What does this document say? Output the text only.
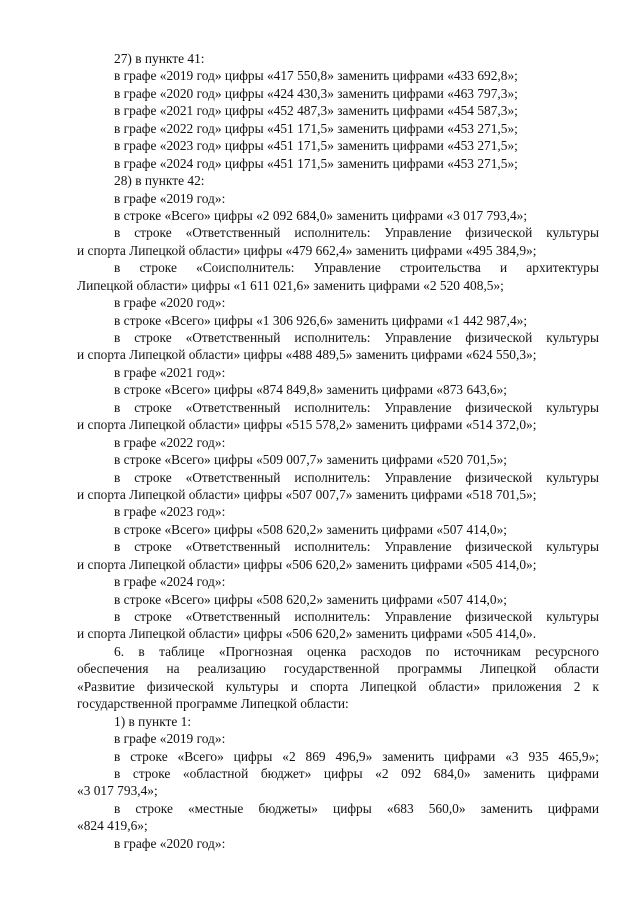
27) в пункте 41:
в графе «2019 год» цифры «417 550,8» заменить цифрами «433 692,8»;
в графе «2020 год» цифры «424 430,3» заменить цифрами «463 797,3»;
в графе «2021 год» цифры «452 487,3» заменить цифрами «454 587,3»;
в графе «2022 год» цифры «451 171,5» заменить цифрами «453 271,5»;
в графе «2023 год» цифры «451 171,5» заменить цифрами «453 271,5»;
в графе «2024 год» цифры «451 171,5» заменить цифрами «453 271,5»;
28) в пункте 42:
в графе «2019 год»:
в строке «Всего» цифры «2 092 684,0» заменить цифрами «3 017 793,4»;
в строке «Ответственный исполнитель: Управление физической культуры
и спорта Липецкой области» цифры «479 662,4» заменить цифрами «495 384,9»;
в строке «Соисполнитель: Управление строительства и архитектуры
Липецкой области» цифры «1 611 021,6» заменить цифрами «2 520 408,5»;
в графе «2020 год»:
в строке «Всего» цифры «1 306 926,6» заменить цифрами «1 442 987,4»;
в строке «Ответственный исполнитель: Управление физической культуры
и спорта Липецкой области» цифры «488 489,5» заменить цифрами «624 550,3»;
в графе «2021 год»:
в строке «Всего» цифры «874 849,8» заменить цифрами «873 643,6»;
в строке «Ответственный исполнитель: Управление физической культуры
и спорта Липецкой области» цифры «515 578,2» заменить цифрами «514 372,0»;
в графе «2022 год»:
в строке «Всего» цифры «509 007,7» заменить цифрами «520 701,5»;
в строке «Ответственный исполнитель: Управление физической культуры
и спорта Липецкой области» цифры «507 007,7» заменить цифрами «518 701,5»;
в графе «2023 год»:
в строке «Всего» цифры «508 620,2» заменить цифрами «507 414,0»;
в строке «Ответственный исполнитель: Управление физической культуры
и спорта Липецкой области» цифры «506 620,2» заменить цифрами «505 414,0»;
в графе «2024 год»:
в строке «Всего» цифры «508 620,2» заменить цифрами «507 414,0»;
в строке «Ответственный исполнитель: Управление физической культуры
и спорта Липецкой области» цифры «506 620,2» заменить цифрами «505 414,0».
6. в таблице «Прогнозная оценка расходов по источникам ресурсного
обеспечения на реализацию государственной программы Липецкой области
«Развитие физической культуры и спорта Липецкой области» приложения 2 к
государственной программе Липецкой области:
1) в пункте 1:
в графе «2019 год»:
в строке «Всего» цифры «2 869 496,9» заменить цифрами «3 935 465,9»;
в строке «областной бюджет» цифры «2 092 684,0» заменить цифрами
«3 017 793,4»;
в строке «местные бюджеты» цифры «683 560,0» заменить цифрами
«824 419,6»;
в графе «2020 год»:
